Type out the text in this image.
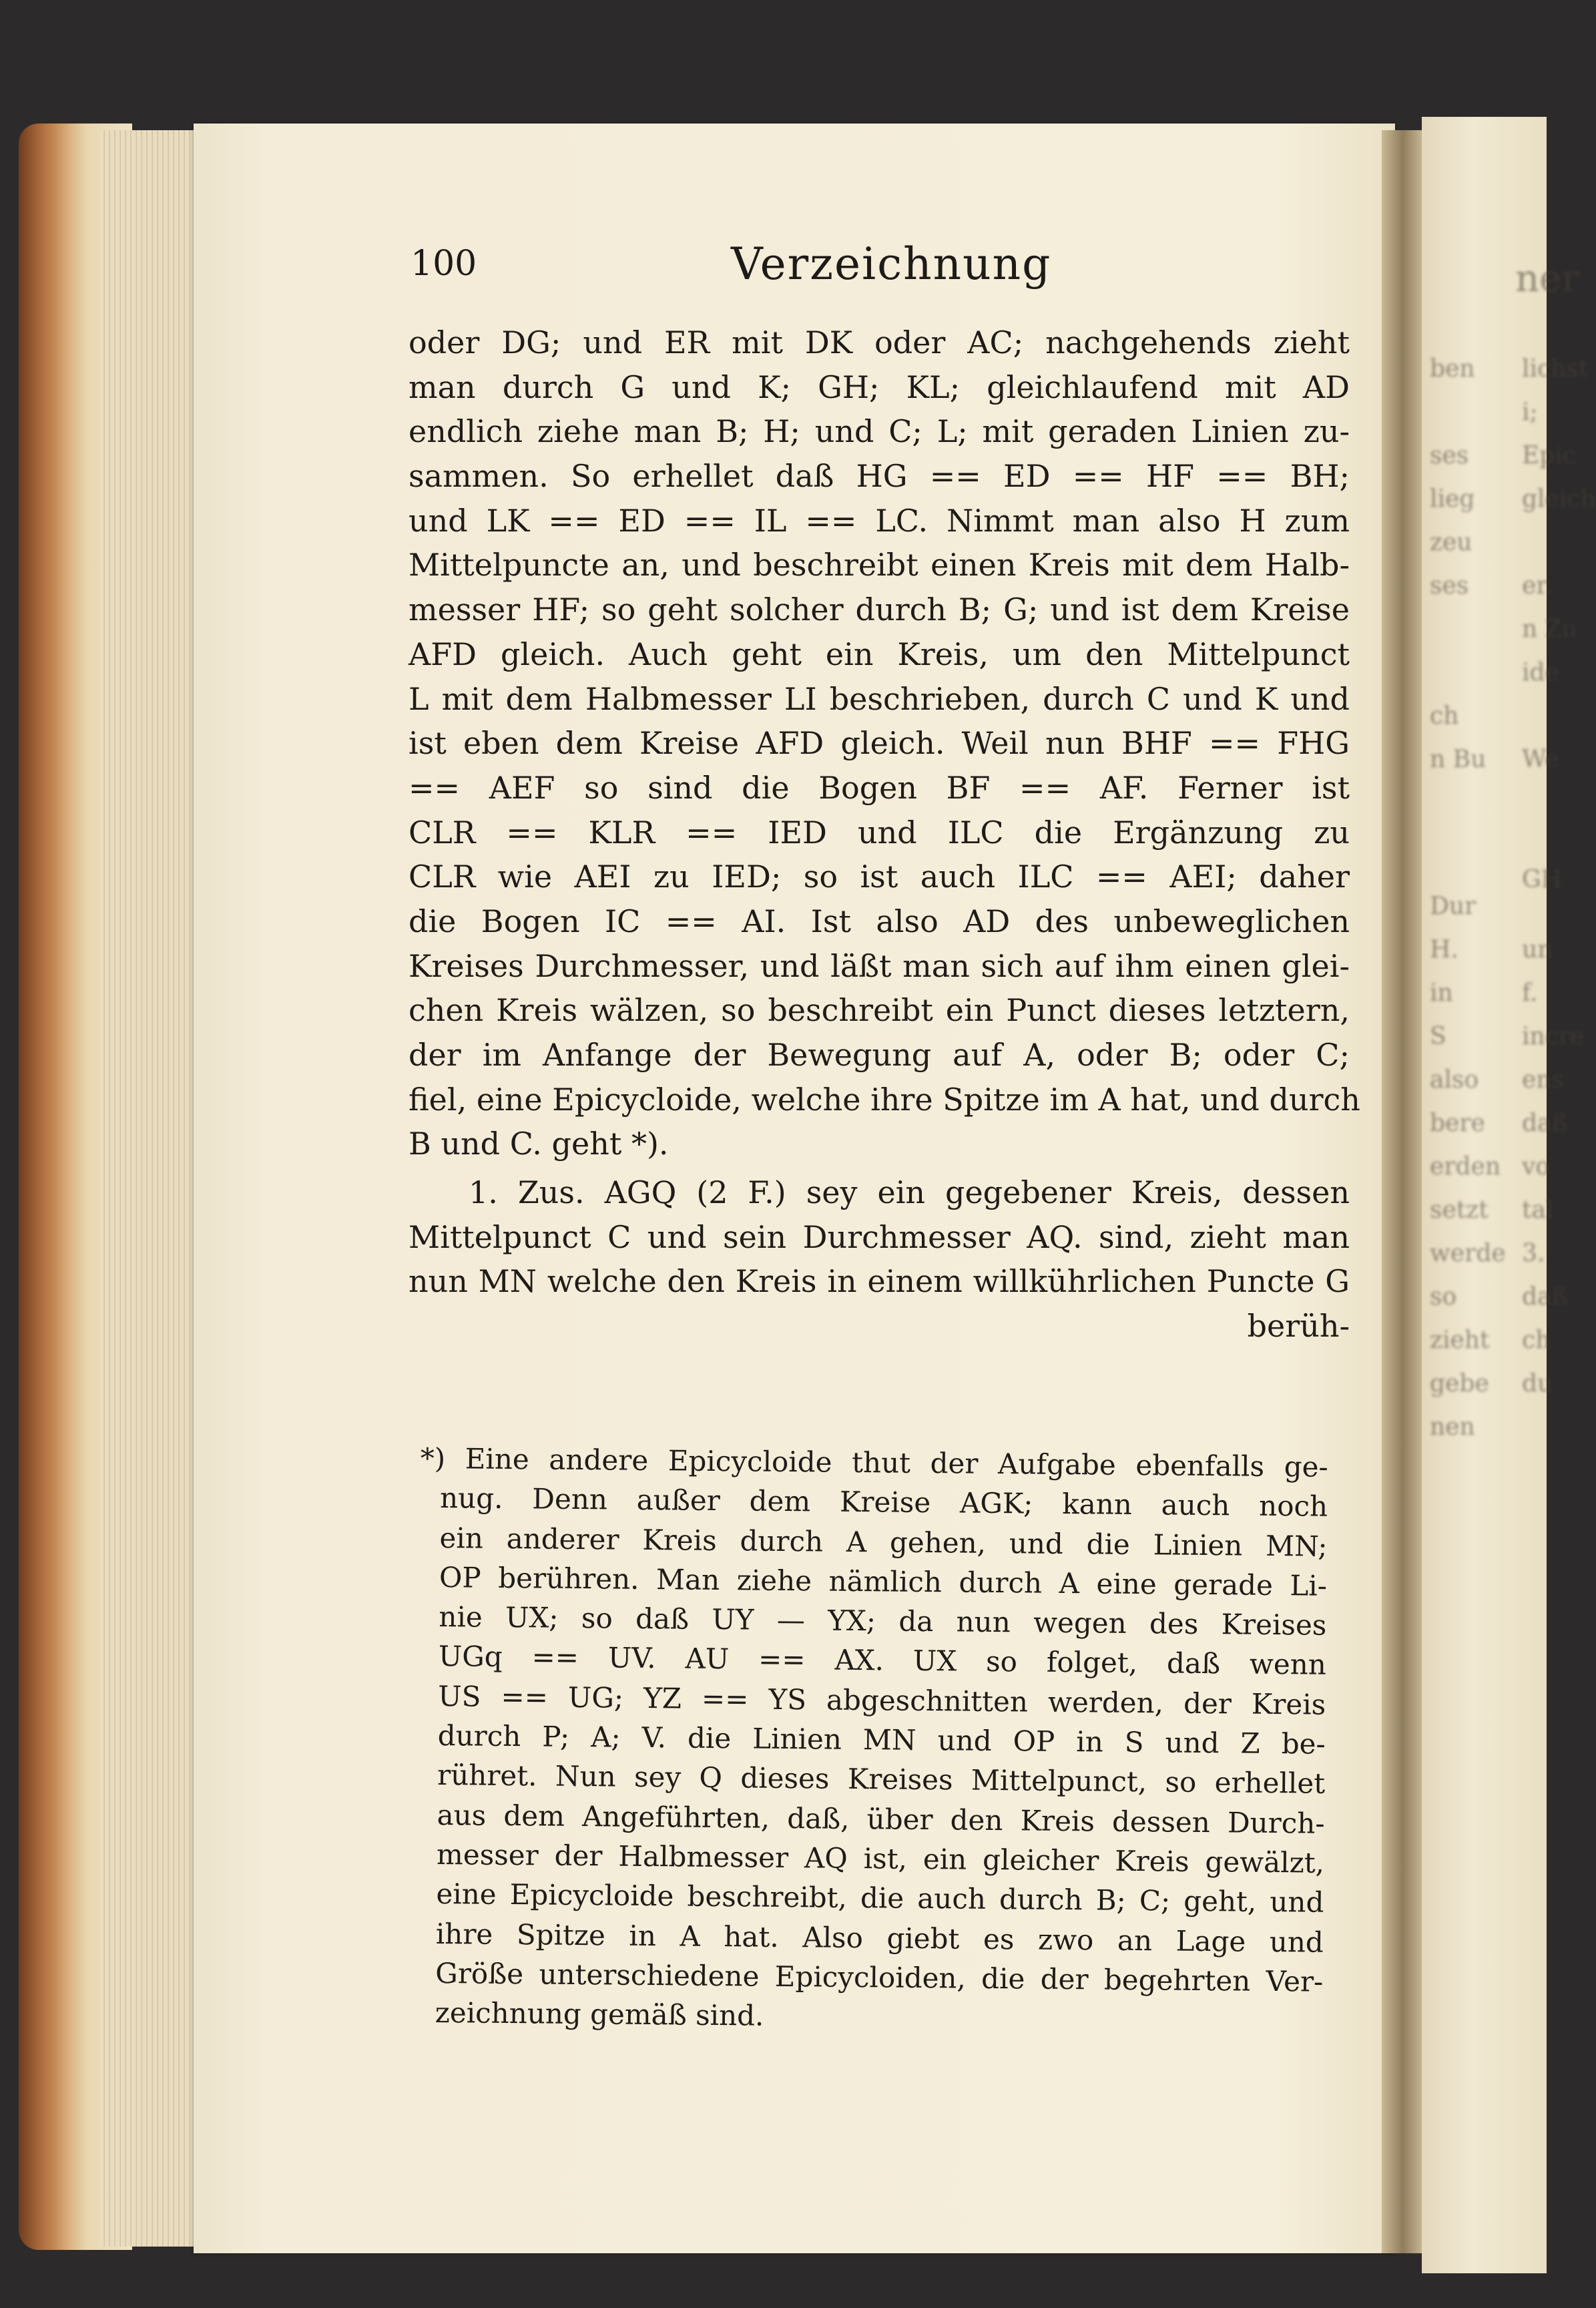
ner
ben lichst
i;
ses Epic
lieg gleich
zeu
ses er.
n Zu
ide
ch
n Bu We
Dur
GH
H.	un
in	f.
S	incre
also ens
bere daß
erden vo
setzt tal
werde 3.
so	daß
zieht ch
gebe du
nen
100	Verzeichnung
oder DG; und ER mit DK oder AC; nachgehends zieht
man durch G und K; GH; KL; gleichlaufend mit AD
endlich ziehe man B; H; und C; L; mit geraden Linien zu-
sammen. So erhellet daß HG == ED == HF == BH;
und LK == ED == IL == LC. Nimmt man also H zum
Mittelpuncte an, und beschreibt einen Kreis mit dem Halb-
messer HF; so geht solcher durch B; G; und ist dem Kreise
AFD gleich. Auch geht ein Kreis, um den Mittelpunct
L mit dem Halbmesser LI beschrieben, durch C und K und
ist eben dem Kreise AFD gleich. Weil nun BHF == FHG
== AEF so sind die Bogen BF == AF. Ferner ist
CLR == KLR == IED und ILC die Ergänzung zu
CLR wie AEI zu IED; so ist auch ILC == AEI; daher
die Bogen IC == AI. Ist also AD des unbeweglichen
Kreises Durchmesser, und läßt man sich auf ihm einen glei-
chen Kreis wälzen, so beschreibt ein Punct dieses letztern,
der im Anfange der Bewegung auf A, oder B; oder C;
fiel, eine Epicycloide, welche ihre Spitze im A hat, und durch
B und C. geht *).
1. Zus. AGQ (2 F.) sey ein gegebener Kreis, dessen
Mittelpunct C und sein Durchmesser AQ. sind, zieht man
nun MN welche den Kreis in einem willkührlichen Puncte G
berüh-
*) Eine andere Epicycloide thut der Aufgabe ebenfalls ge-
nug. Denn außer dem Kreise AGK; kann auch noch
ein anderer Kreis durch A gehen, und die Linien MN;
OP berühren. Man ziehe nämlich durch A eine gerade Li-
nie UX; so daß UY — YX; da nun wegen des Kreises
UGq == UV. AU == AX. UX so folget, daß wenn
US == UG; YZ == YS abgeschnitten werden, der Kreis
durch P; A; V. die Linien MN und OP in S und Z be-
rühret. Nun sey Q dieses Kreises Mittelpunct, so erhellet
aus dem Angeführten, daß, über den Kreis dessen Durch-
messer der Halbmesser AQ ist, ein gleicher Kreis gewälzt,
eine Epicycloide beschreibt, die auch durch B; C; geht, und
ihre Spitze in A hat. Also giebt es zwo an Lage und
Größe unterschiedene Epicycloiden, die der begehrten Ver-
zeichnung gemäß sind.
